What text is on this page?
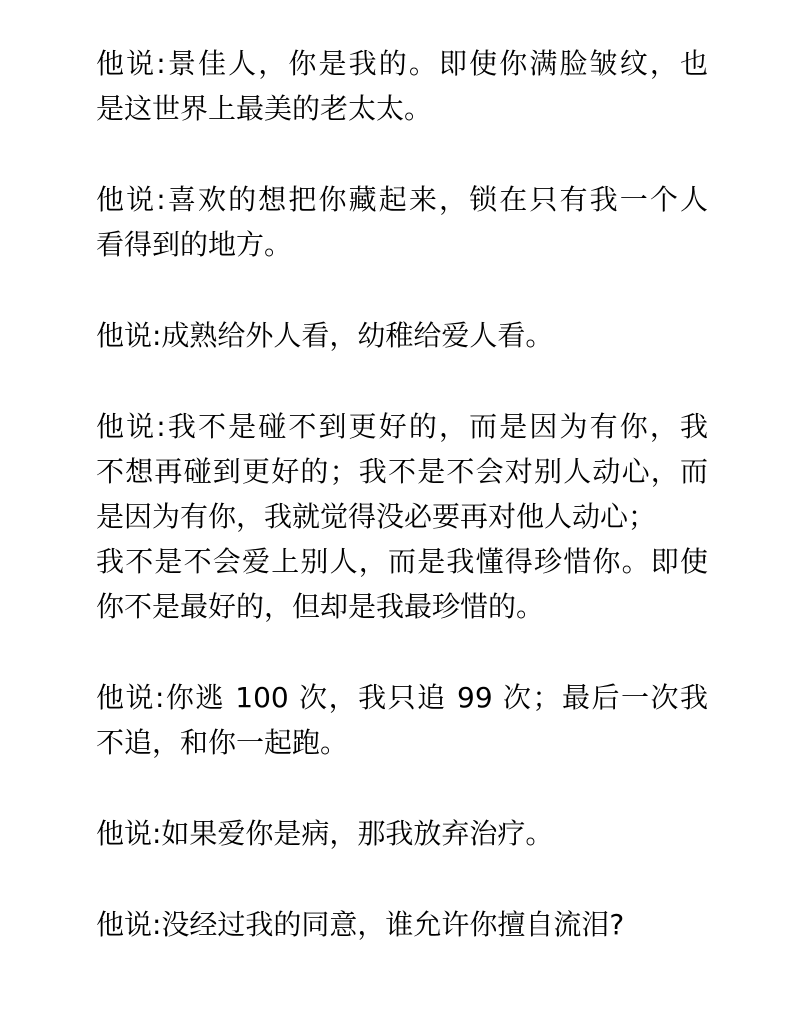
他说:景佳人，你是我的。即使你满脸皱纹，也
是这世界上最美的老太太。

他说:喜欢的想把你藏起来，锁在只有我一个人
看得到的地方。

他说:成熟给外人看，幼稚给爱人看。

他说:我不是碰不到更好的，而是因为有你，我
不想再碰到更好的；我不是不会对别人动心，而
是因为有你，我就觉得没必要再对他人动心；
我不是不会爱上别人，而是我懂得珍惜你。即使
你不是最好的，但却是我最珍惜的。

他说:你逃 100 次，我只追 99 次；最后一次我
不追，和你一起跑。

他说:如果爱你是病，那我放弃治疗。

他说:没经过我的同意，谁允许你擅自流泪?
